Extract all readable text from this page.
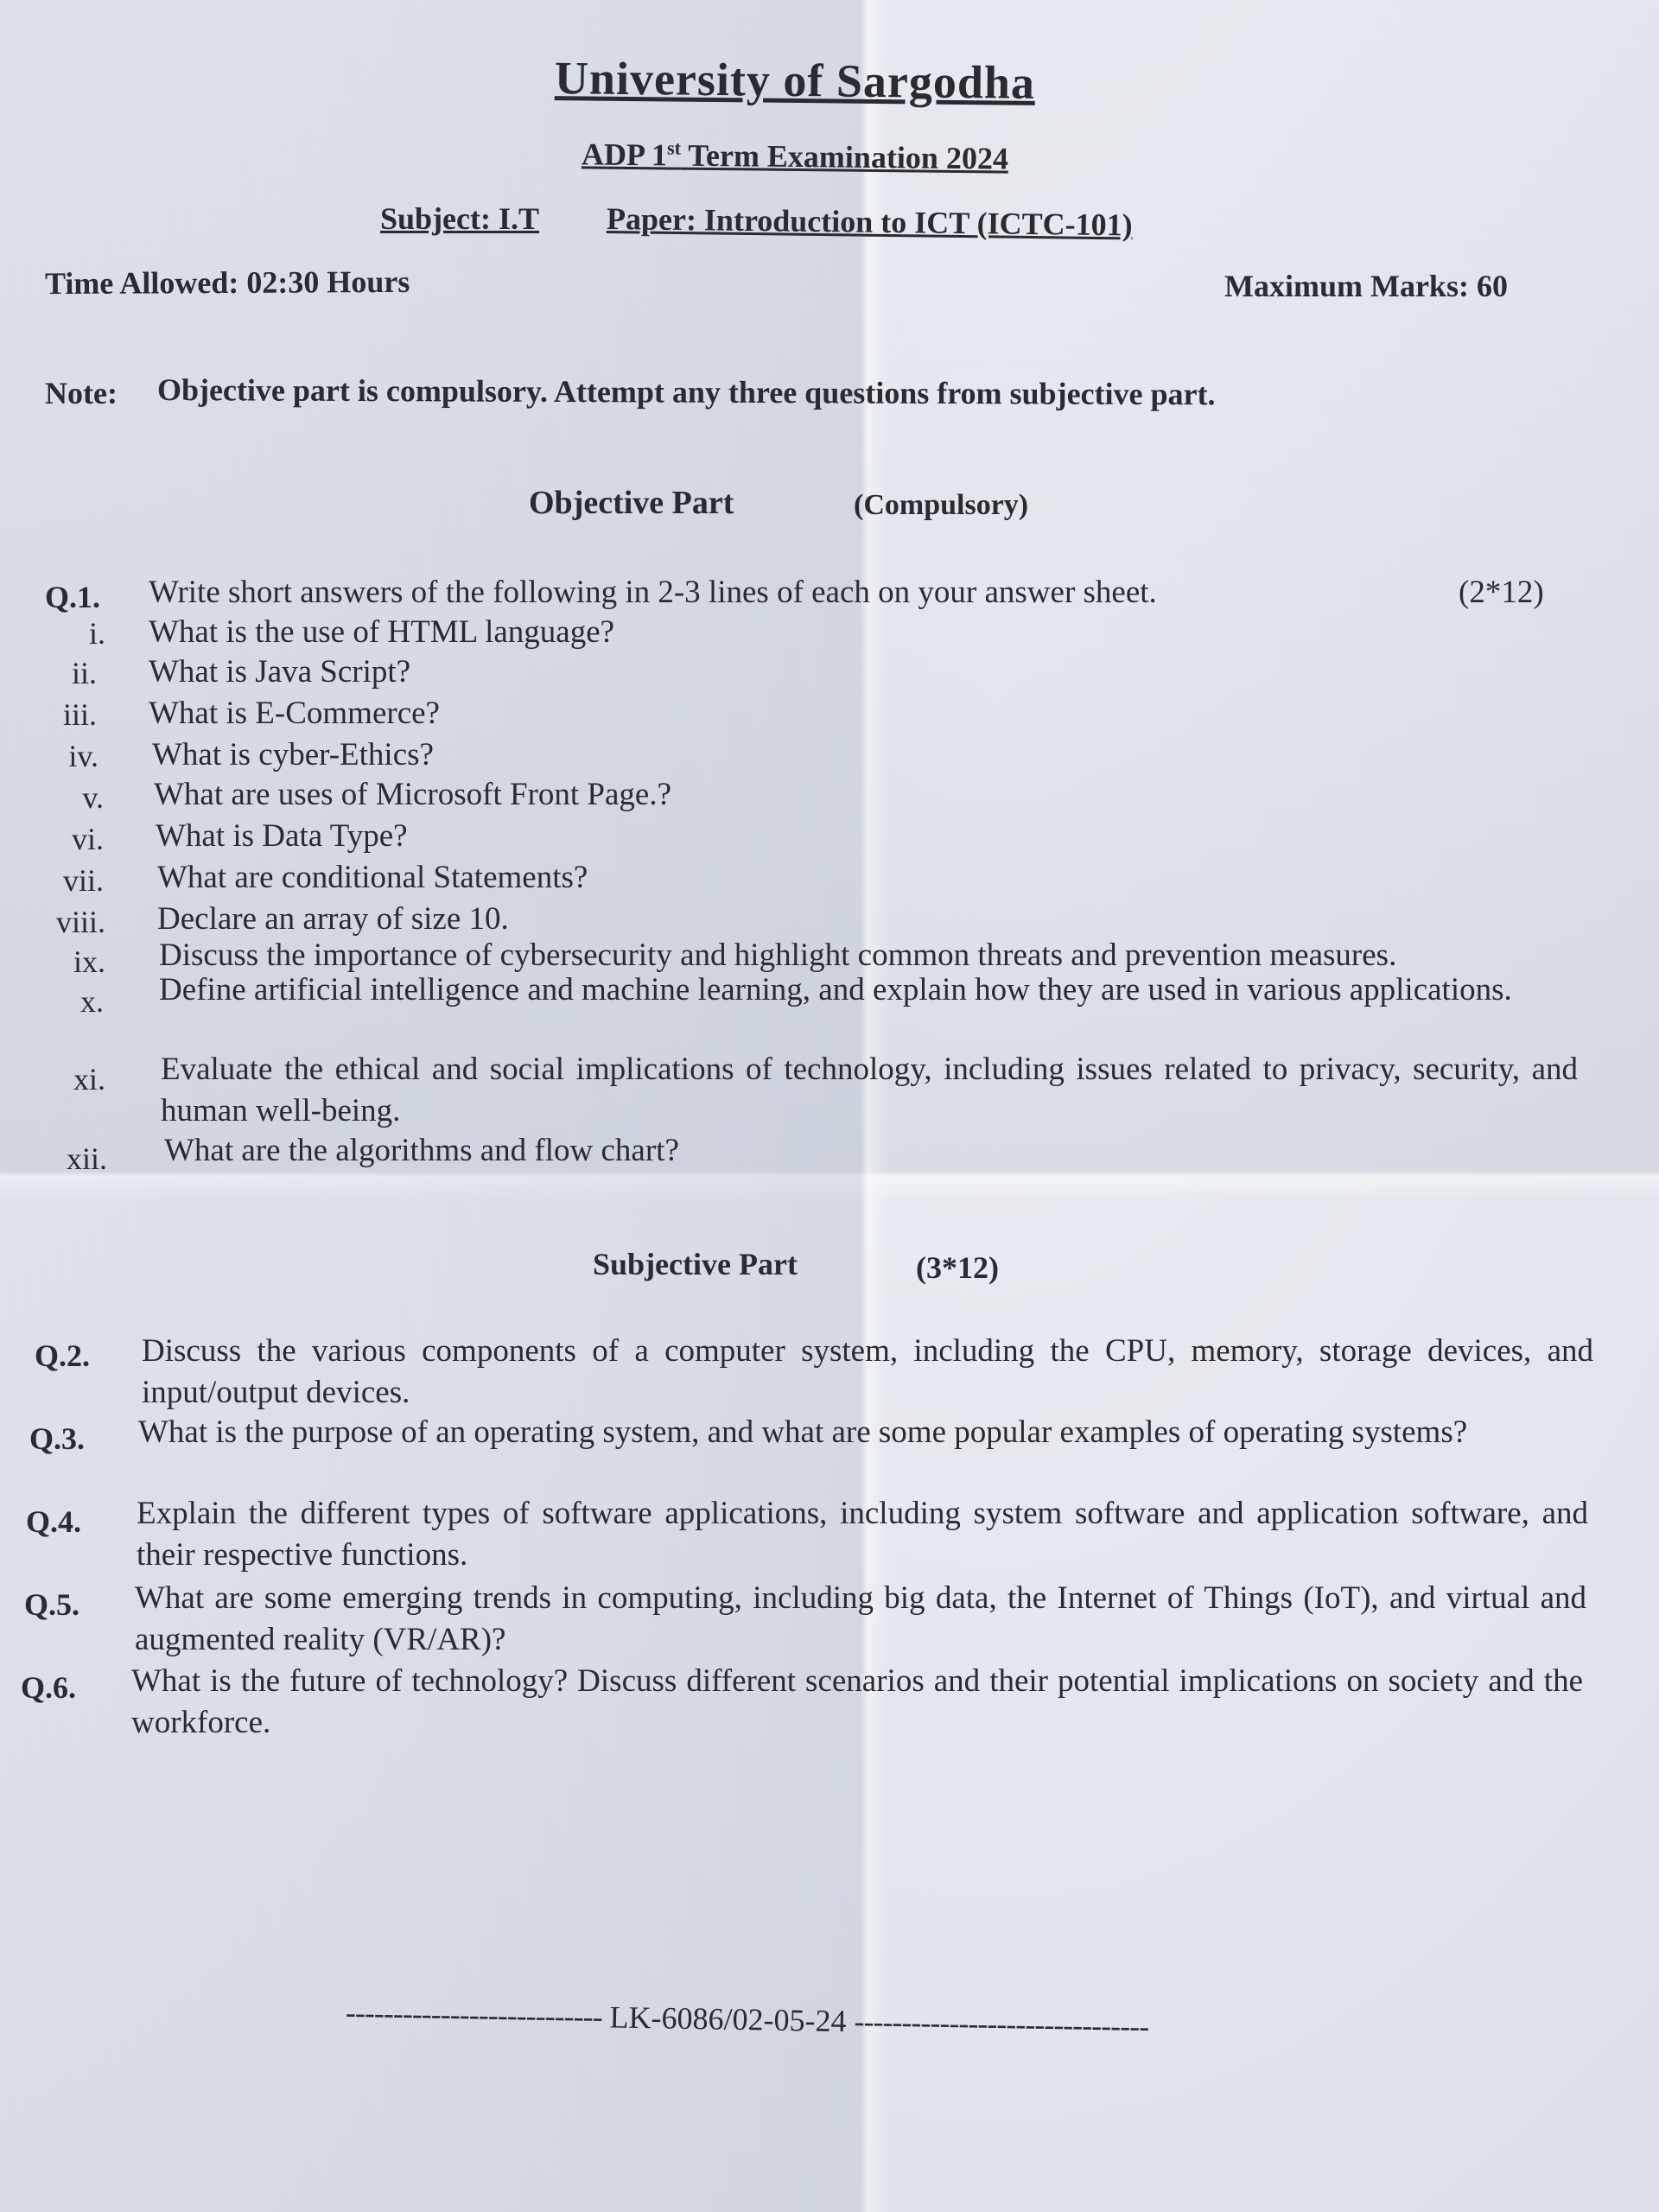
University of Sargodha
ADP 1st Term Examination 2024
Subject: I.T Paper: Introduction to ICT (ICTC-101)
Time Allowed: 02:30 Hours	Maximum Marks: 60
Note: Objective part is compulsory. Attempt any three questions from subjective part.
Objective Part	(Compulsory)
Q.1. Write short answers of the following in 2-3 lines of each on your answer sheet.	(2*12)
i. What is the use of HTML language?
ii. What is Java Script?
iii. What is E-Commerce?
iv. What is cyber-Ethics?
v. What are uses of Microsoft Front Page.?
vi. What is Data Type?
vii. What are conditional Statements?
viii. Declare an array of size 10.
ix. Discuss the importance of cybersecurity and highlight common threats and prevention measures.
x. Define artificial intelligence and machine learning, and explain how they are used in various applications.
xi. Evaluate the ethical and social implications of technology, including issues related to privacy, security, and human well-being.
xii. What are the algorithms and flow chart?
Subjective Part	(3*12)
Q.2. Discuss the various components of a computer system, including the CPU, memory, storage devices, and input/output devices.
Q.3. What is the purpose of an operating system, and what are some popular examples of operating systems?
Q.4. Explain the different types of software applications, including system software and application software, and their respective functions.
Q.5. What are some emerging trends in computing, including big data, the Internet of Things (IoT), and virtual and augmented reality (VR/AR)?
Q.6. What is the future of technology? Discuss different scenarios and their potential implications on society and the workforce.
--------------------------- LK-6086/02-05-24 -------------------------------
